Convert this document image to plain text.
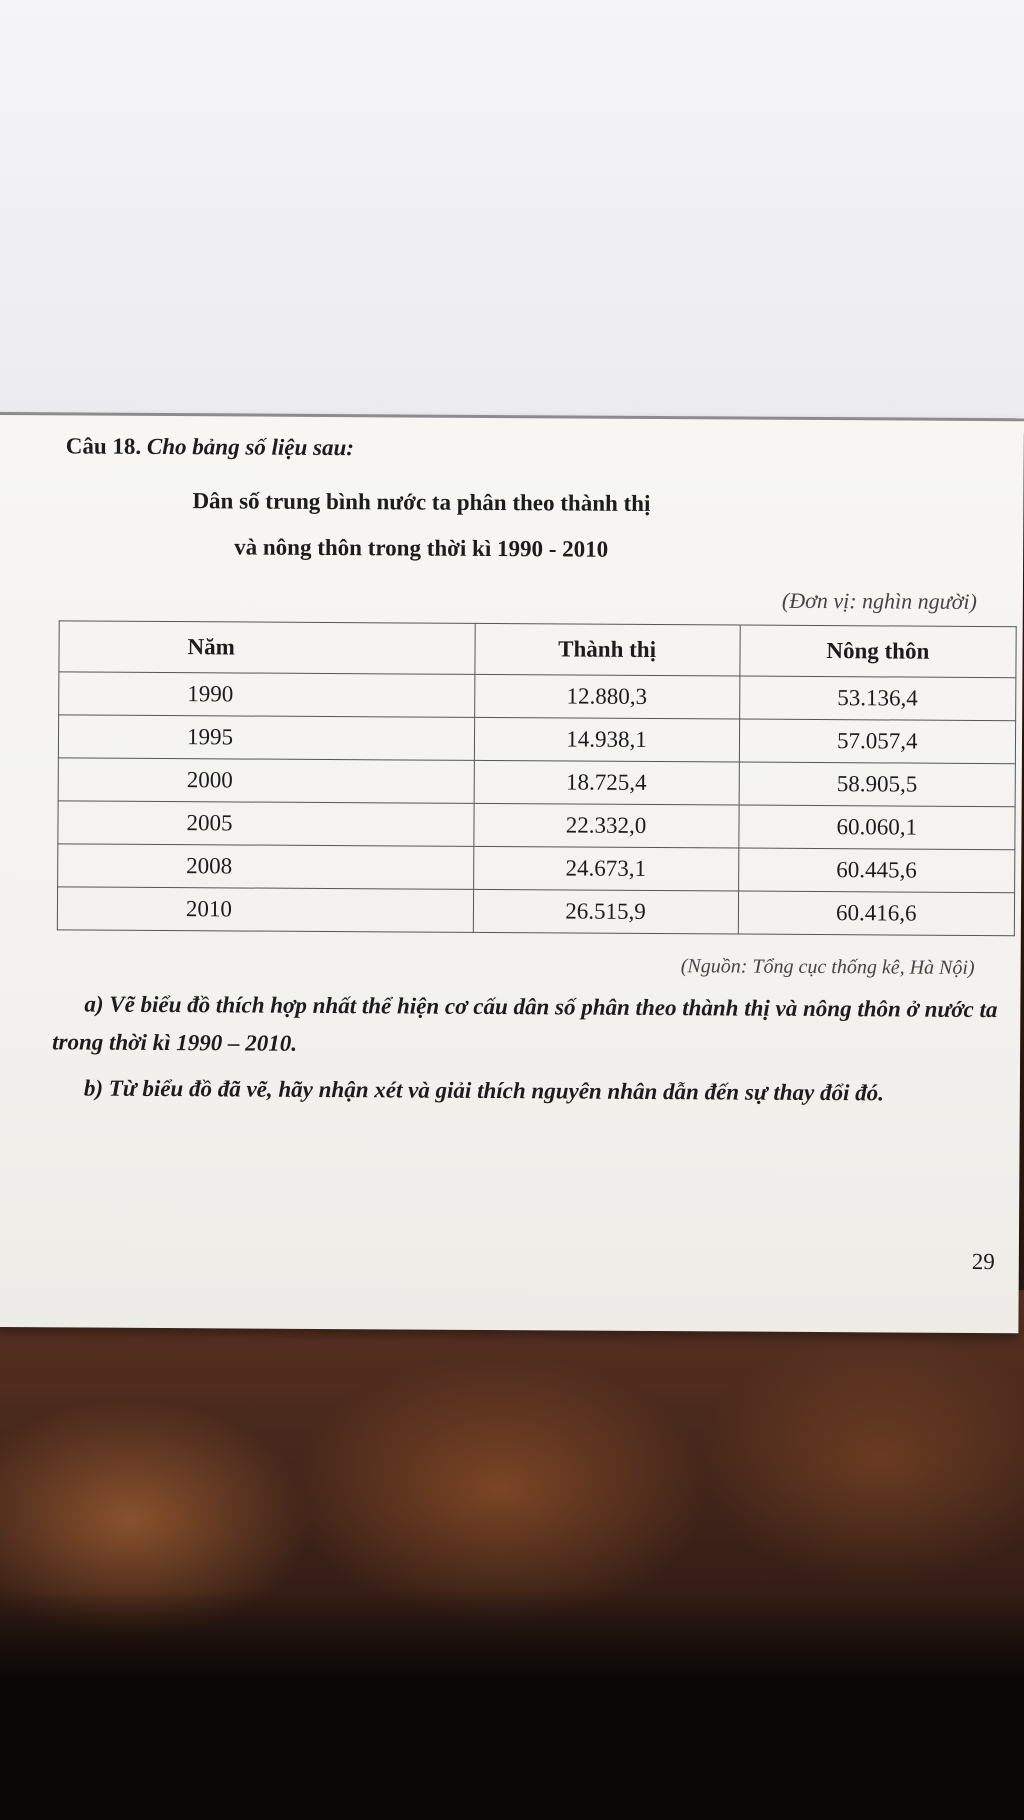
Câu 18. Cho bảng số liệu sau:
Dân số trung bình nước ta phân theo thành thị
và nông thôn trong thời kì 1990 - 2010
(Đơn vị: nghìn người)
Năm	Thành thị	Nông thôn
1990	12.880,3	53.136,4
1995	14.938,1	57.057,4
2000	18.725,4	58.905,5
2005	22.332,0	60.060,1
2008	24.673,1	60.445,6
2010	26.515,9	60.416,6
(Nguồn: Tổng cục thống kê, Hà Nội)
a) Vẽ biểu đồ thích hợp nhất thể hiện cơ cấu dân số phân theo thành thị và nông thôn ở nước ta trong thời kì 1990 – 2010.
b) Từ biểu đồ đã vẽ, hãy nhận xét và giải thích nguyên nhân dẫn đến sự thay đổi đó.
29
